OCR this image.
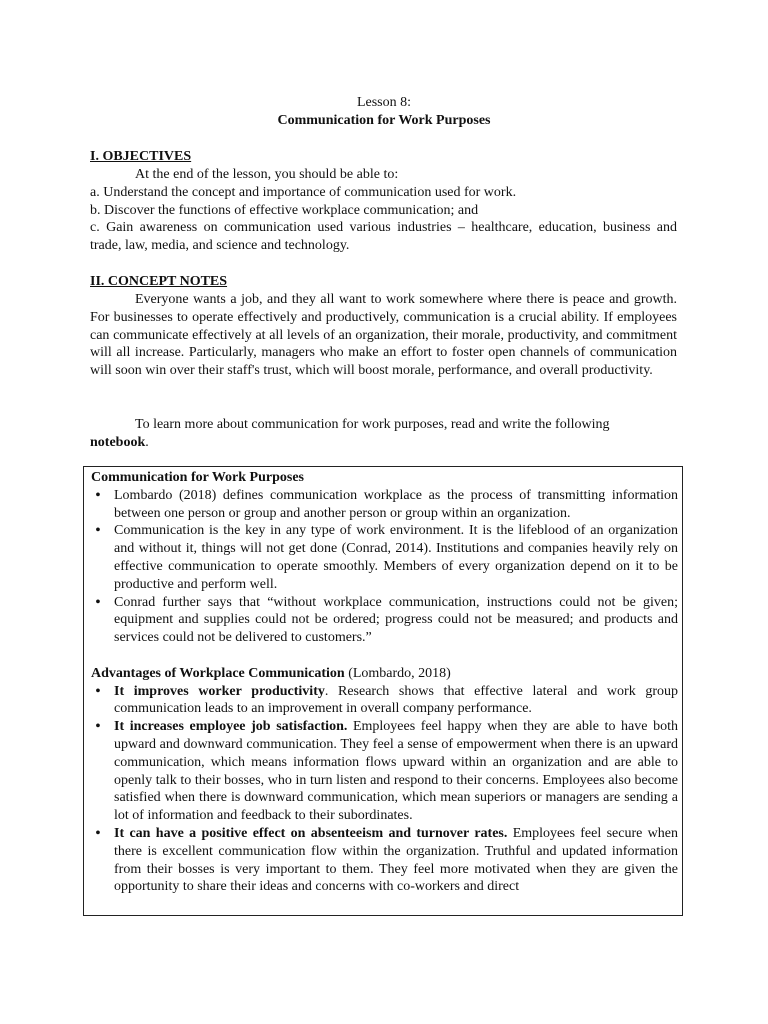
Lesson 8:
Communication for Work Purposes
I. OBJECTIVES
At the end of the lesson, you should be able to:
a. Understand the concept and importance of communication used for work.
b. Discover the functions of effective workplace communication; and
c. Gain awareness on communication used various industries – healthcare, education, business and trade, law, media, and science and technology.
II. CONCEPT NOTES
Everyone wants a job, and they all want to work somewhere where there is peace and growth. For businesses to operate effectively and productively, communication is a crucial ability. If employees can communicate effectively at all levels of an organization, their morale, productivity, and commitment will all increase. Particularly, managers who make an effort to foster open channels of communication will soon win over their staff's trust, which will boost morale, performance, and overall productivity.
To learn more about communication for work purposes, read and write the following
notebook.
Communication for Work Purposes
• Lombardo (2018) defines communication workplace as the process of transmitting information between one person or group and another person or group within an organization.
• Communication is the key in any type of work environment. It is the lifeblood of an organization and without it, things will not get done (Conrad, 2014). Institutions and companies heavily rely on effective communication to operate smoothly. Members of every organization depend on it to be productive and perform well.
• Conrad further says that “without workplace communication, instructions could not be given; equipment and supplies could not be ordered; progress could not be measured; and products and services could not be delivered to customers.”
Advantages of Workplace Communication (Lombardo, 2018)
• It improves worker productivity. Research shows that effective lateral and work group communication leads to an improvement in overall company performance.
• It increases employee job satisfaction. Employees feel happy when they are able to have both upward and downward communication. They feel a sense of empowerment when there is an upward communication, which means information flows upward within an organization and are able to openly talk to their bosses, who in turn listen and respond to their concerns. Employees also become satisfied when there is downward communication, which mean superiors or managers are sending a lot of information and feedback to their subordinates.
• It can have a positive effect on absenteeism and turnover rates. Employees feel secure when there is excellent communication flow within the organization. Truthful and updated information from their bosses is very important to them. They feel more motivated when they are given the opportunity to share their ideas and concerns with co-workers and direct
